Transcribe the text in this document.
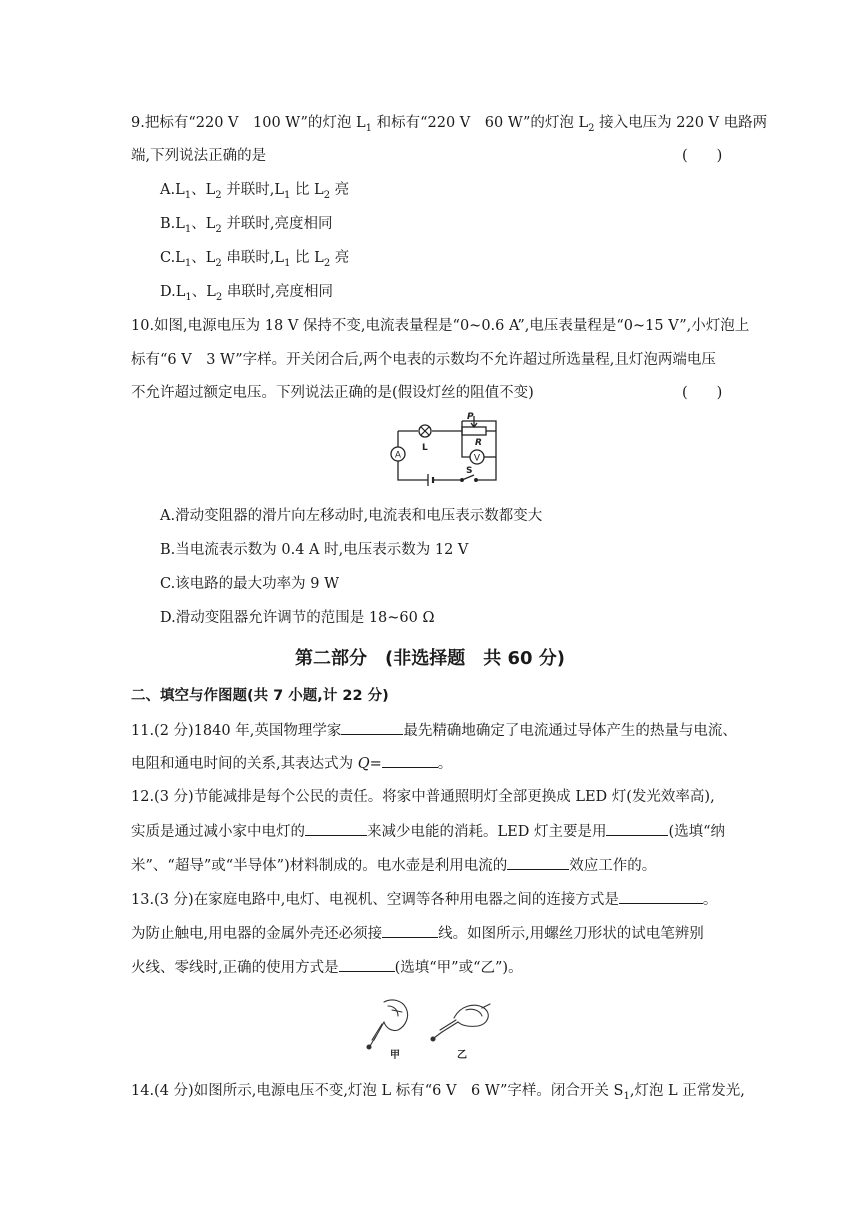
9.把标有“220 V　100 W”的灯泡 $L_1$ 和标有“220 V　60 W”的灯泡 $L_2$ 接入电压为 220 V 电路两
端,下列说法正确的是	(　　)
$A.L_1$、$L_2$ 并联时$,L_1$ 比 $L_2$ 亮
$B.L_1$、$L_2$ 并联时,亮度相同
$C.L_1$、$L_2$ 串联时$,L_1$ 比 $L_2$ 亮
$D.L_1$、$L_2$ 串联时,亮度相同
10.如图,电源电压为 18 V 保持不变,电流表量程是“0~0.6 A”,电压表量程是“0~15 V”,小灯泡上
标有“6 V　3 W”字样。开关闭合后,两个电表的示数均不允许超过所选量程,且灯泡两端电压
不允许超过额定电压。下列说法正确的是(假设灯丝的阻值不变)	(　　)
A	V
P
R
L
S
A.滑动变阻器的滑片向左移动时,电流表和电压表示数都变大
B.当电流表示数为 0.4 A 时,电压表示数为 12 V
C.该电路的最大功率为 9 W
D.滑动变阻器允许调节的范围是 18~60 Ω
第二部分　(非选择题　共 60 分)
二、填空与作图题(共 7 小题,计 22 分)
11.(2 分)1840 年,英国物理学家	最先精确地确定了电流通过导体产生的热量与电流、
电阻和通电时间的关系,其表达式为 Q=	。
12.(3 分)节能减排是每个公民的责任。将家中普通照明灯全部更换成 LED 灯(发光效率高),
实质是通过减小家中电灯的	来减少电能的消耗。LED 灯主要是用	(选填“纳
米”、“超导”或“半导体”)材料制成的。电水壶是利用电流的	效应工作的。
13.(3 分)在家庭电路中,电灯、电视机、空调等各种用电器之间的连接方式是	。
为防止触电,用电器的金属外壳还必须接	线。如图所示,用螺丝刀形状的试电笔辨别
火线、零线时,正确的使用方式是	(选填“甲”或“乙”)。
甲	乙
14.(4 分)如图所示,电源电压不变,灯泡 L 标有“6 V　6 W”字样。闭合开关 $S_1$,灯泡 L 正常发光,
